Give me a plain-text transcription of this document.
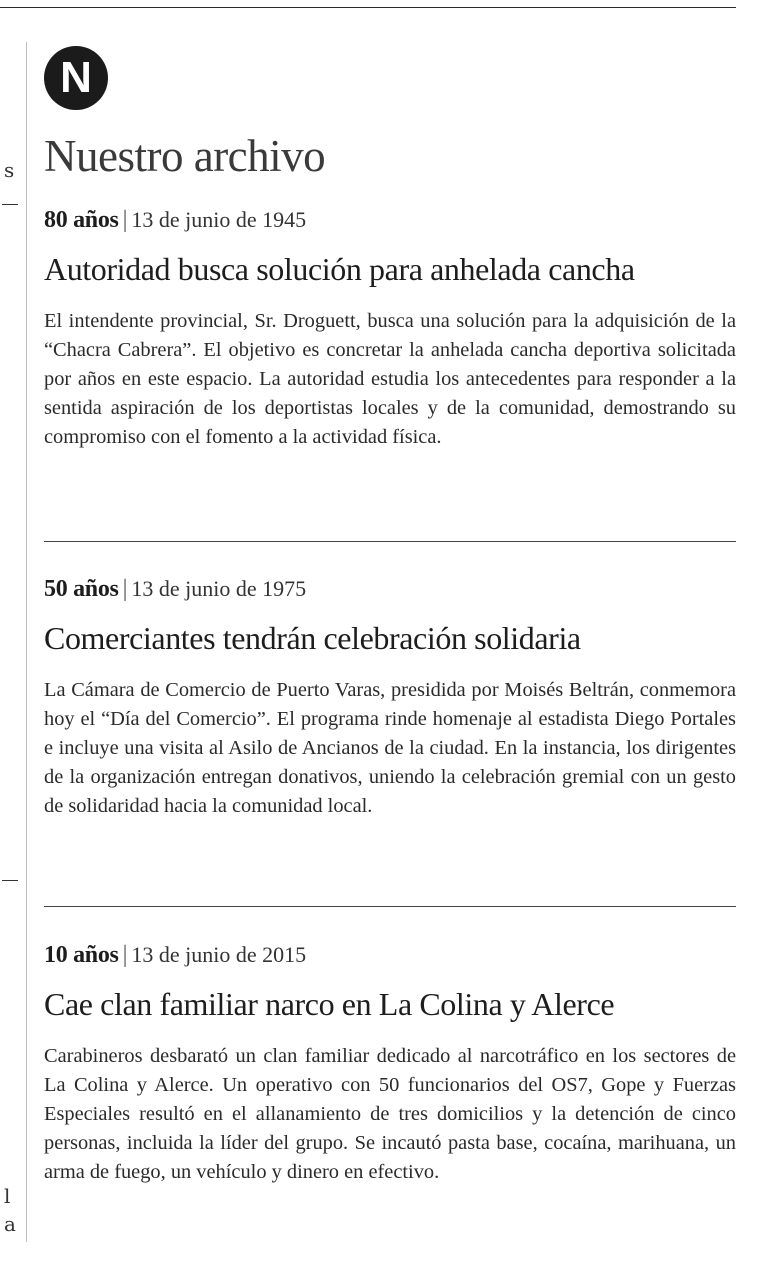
s
l
a
N
Nuestro archivo
80 años | 13 de junio de 1945
Autoridad busca solución para anhelada cancha

El intendente provincial, Sr. Droguett, busca una solución para la adquisición de la “Chacra Cabrera”. El objetivo es concretar la anhelada cancha deportiva solicitada por años en este espacio. La autoridad estudia los antecedentes para responder a la sentida aspiración de los deportistas locales y de la comunidad, demostrando su compromiso con el fomento a la actividad física.

50 años | 13 de junio de 1975
Comerciantes tendrán celebración solidaria

La Cámara de Comercio de Puerto Varas, presidida por Moisés Beltrán, conmemora hoy el “Día del Comercio”. El programa rinde homenaje al estadista Diego Portales e incluye una visita al Asilo de Ancianos de la ciudad. En la instancia, los dirigentes de la organización entregan donativos, uniendo la celebración gremial con un gesto de solidaridad hacia la comunidad local.

10 años | 13 de junio de 2015
Cae clan familiar narco en La Colina y Alerce

Carabineros desbarató un clan familiar dedicado al narcotráfico en los sectores de La Colina y Alerce. Un operativo con 50 funcionarios del OS7, Gope y Fuerzas Especiales resultó en el allanamiento de tres domicilios y la detención de cinco personas, incluida la líder del grupo. Se incautó pasta base, cocaína, marihuana, un arma de fuego, un vehículo y dinero en efectivo.
